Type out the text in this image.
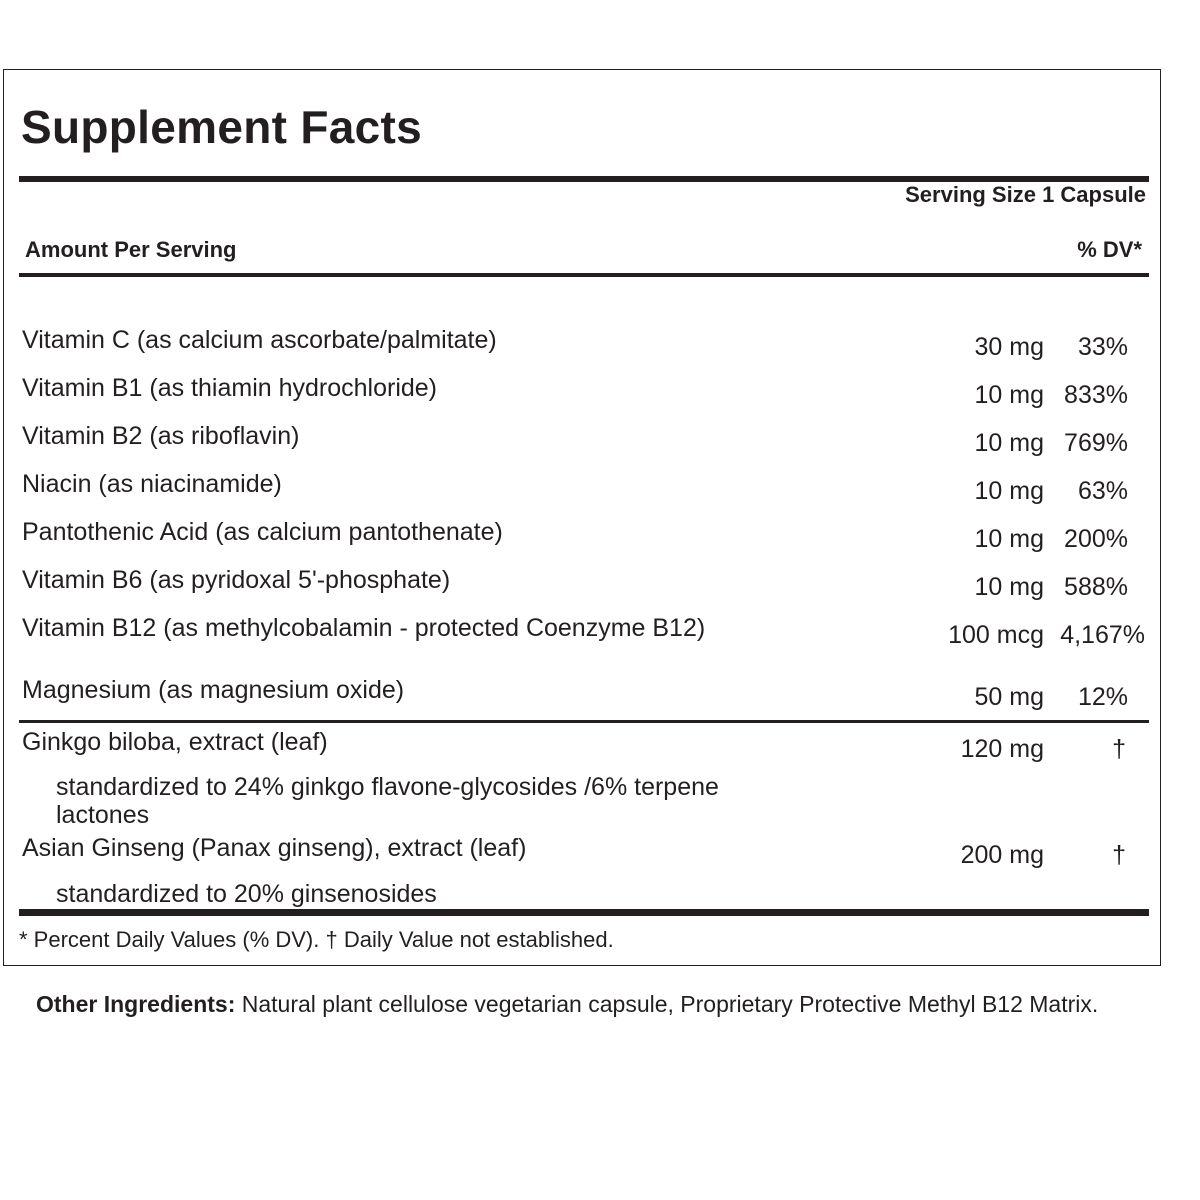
Supplement Facts
Serving Size 1 Capsule
Amount Per Serving	% DV*
Vitamin C (as calcium ascorbate/palmitate)	30 mg 33%
Vitamin B1 (as thiamin hydrochloride)	10 mg 833%
Vitamin B2 (as riboflavin)	10 mg 769%
Niacin (as niacinamide)	10 mg 63%
Pantothenic Acid (as calcium pantothenate)	10 mg 200%
Vitamin B6 (as pyridoxal 5'-phosphate)	10 mg 588%
Vitamin B12 (as methylcobalamin - protected Coenzyme B12)	100 mcg 4,167%
Magnesium (as magnesium oxide)	50 mg 12%
Ginkgo biloba, extract (leaf)	120 mg	†
standardized to 24% ginkgo flavone-glycosides /6% terpene lactones
Asian Ginseng (Panax ginseng), extract (leaf)	200 mg	†
standardized to 20% ginsenosides
* Percent Daily Values (% DV). † Daily Value not established.
Other Ingredients: Natural plant cellulose vegetarian capsule, Proprietary Protective Methyl B12 Matrix.
